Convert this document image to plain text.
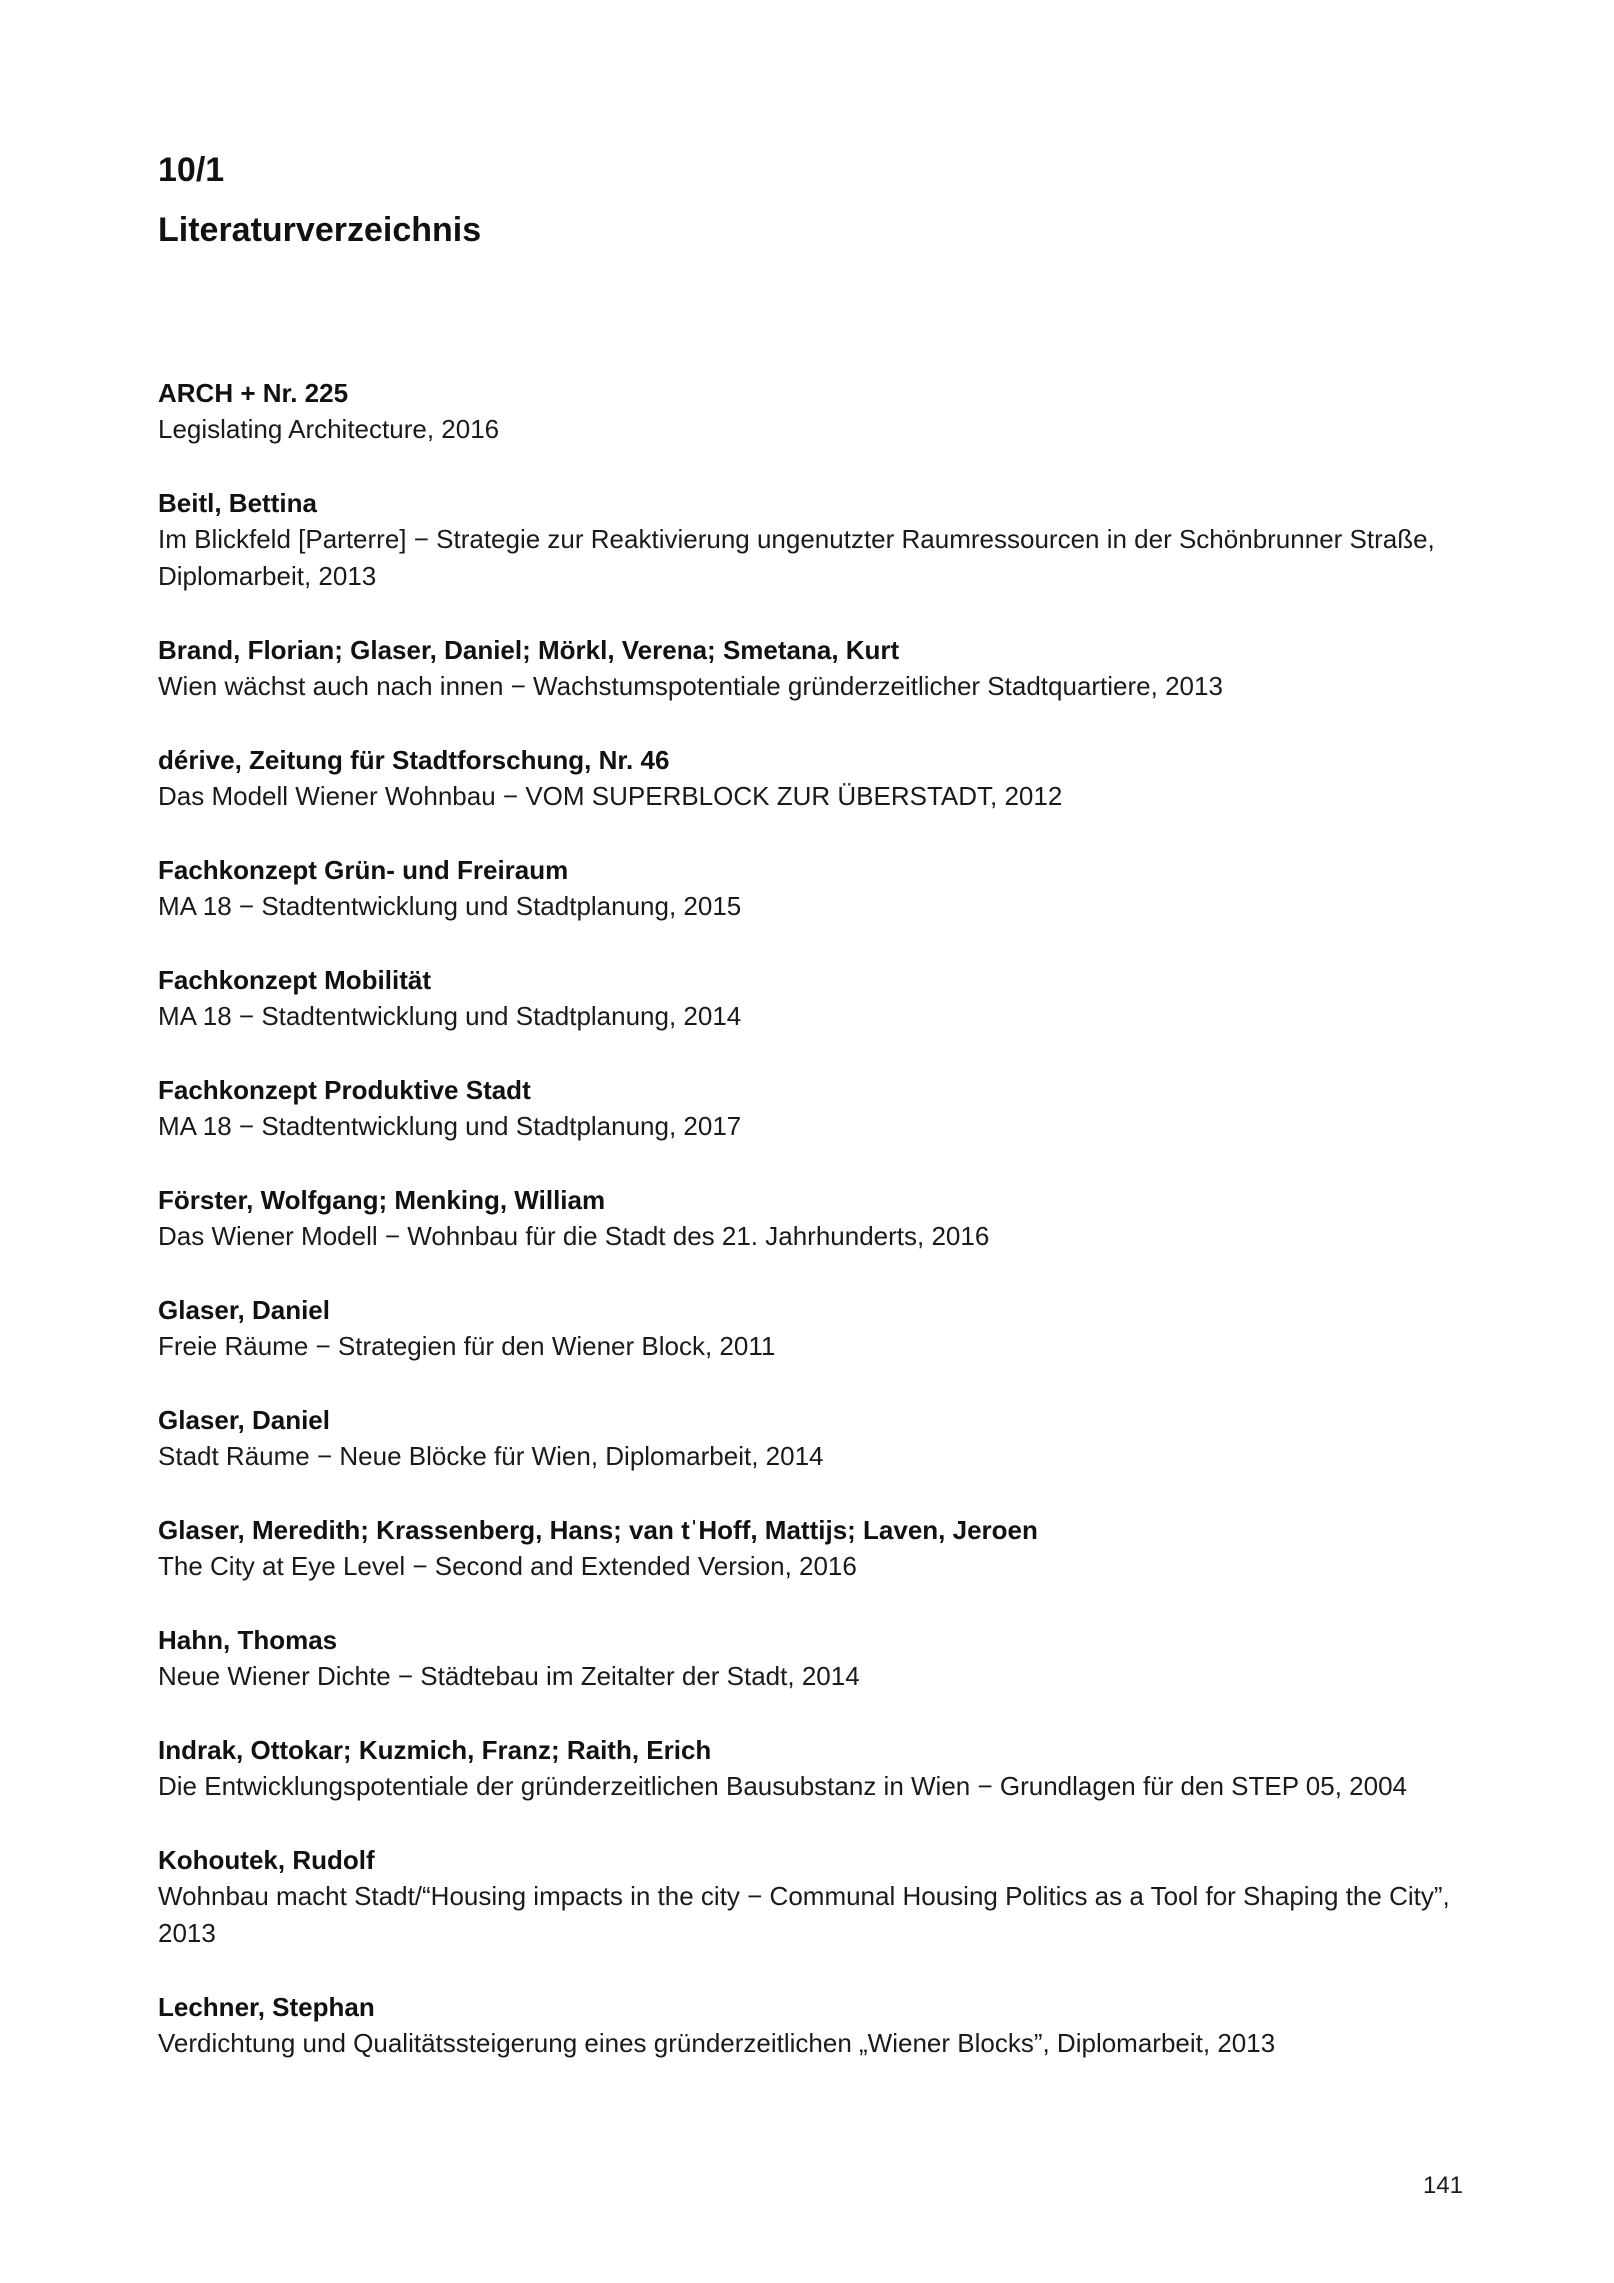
10/1
Literaturverzeichnis

ARCH + Nr. 225

Legislating Architecture, 2016

Beitl, Bettina

Im Blickfeld [Parterre] − Strategie zur Reaktivierung ungenutzter Raumressourcen in der Schönbrunner Straße, Diplomarbeit, 2013

Brand, Florian; Glaser, Daniel; Mörkl, Verena; Smetana, Kurt

Wien wächst auch nach innen − Wachstumspotentiale gründerzeitlicher Stadtquartiere, 2013

dérive, Zeitung für Stadtforschung, Nr. 46

Das Modell Wiener Wohnbau − VOM SUPERBLOCK ZUR ÜBERSTADT, 2012

Fachkonzept Grün- und Freiraum

MA 18 − Stadtentwicklung und Stadtplanung, 2015

Fachkonzept Mobilität

MA 18 − Stadtentwicklung und Stadtplanung, 2014

Fachkonzept Produktive Stadt

MA 18 − Stadtentwicklung und Stadtplanung, 2017

Förster, Wolfgang; Menking, William

Das Wiener Modell − Wohnbau für die Stadt des 21. Jahrhunderts, 2016

Glaser, Daniel

Freie Räume − Strategien für den Wiener Block, 2011

Glaser, Daniel

Stadt Räume − Neue Blöcke für Wien, Diplomarbeit, 2014

Glaser, Meredith; Krassenberg, Hans; van tˈHoff, Mattijs; Laven, Jeroen

The City at Eye Level − Second and Extended Version, 2016

Hahn, Thomas

Neue Wiener Dichte − Städtebau im Zeitalter der Stadt, 2014

Indrak, Ottokar; Kuzmich, Franz; Raith, Erich

Die Entwicklungspotentiale der gründerzeitlichen Bausubstanz in Wien − Grundlagen für den STEP 05, 2004

Kohoutek, Rudolf

Wohnbau macht Stadt/“Housing impacts in the city − Communal Housing Politics as a Tool for Shaping the City”, 2013

Lechner, Stephan

Verdichtung und Qualitätssteigerung eines gründerzeitlichen „Wiener Blocks”, Diplomarbeit, 2013

141
